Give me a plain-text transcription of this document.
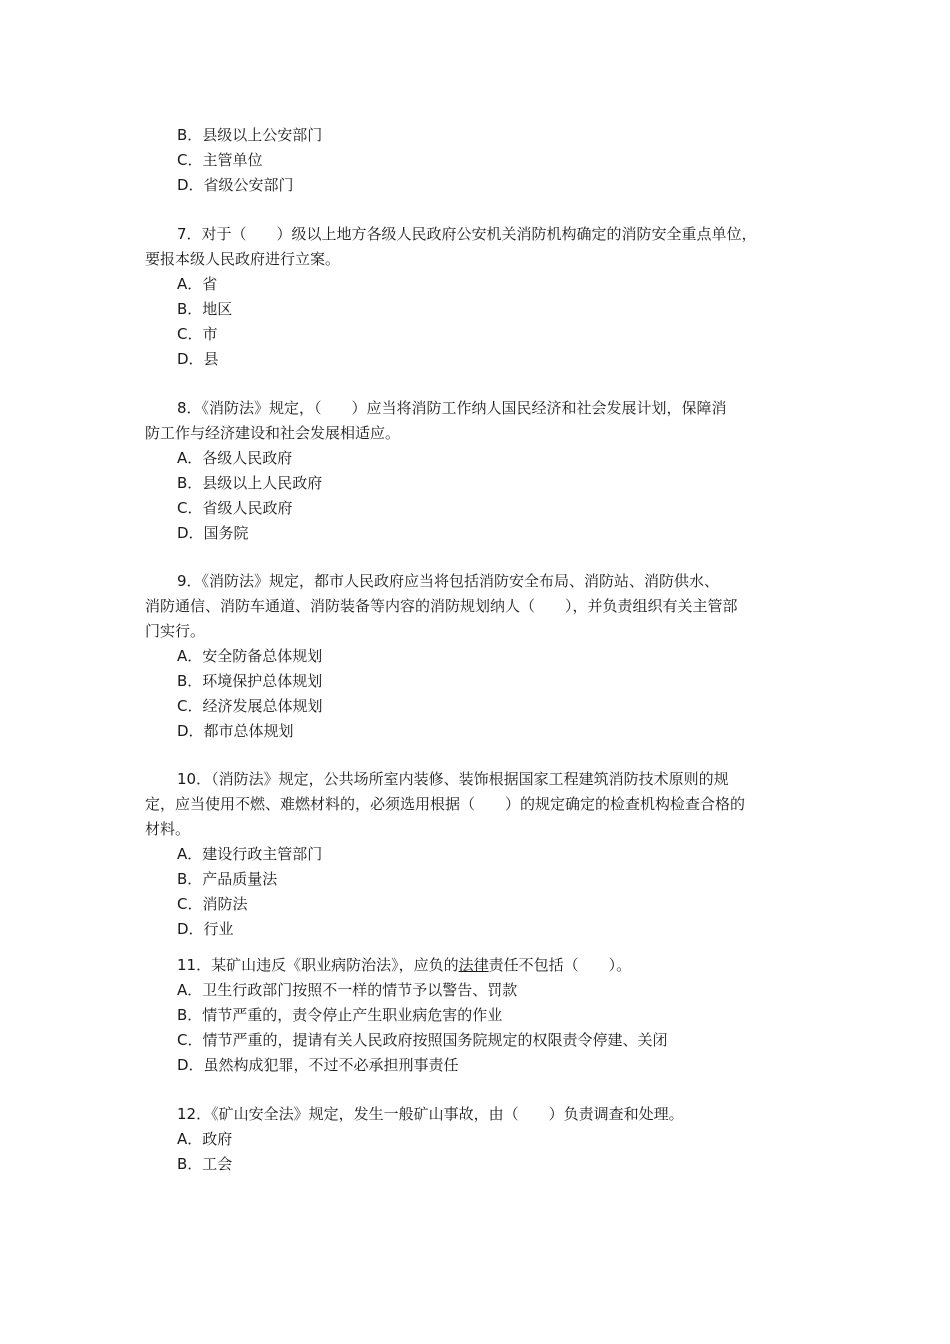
B．县级以上公安部门
C．主管单位
D．省级公安部门
7．对于（　　）级以上地方各级人民政府公安机关消防机构确定的消防安全重点单位，
要报本级人民政府进行立案。
A．省
B．地区
C．市
D．县
8．《消防法》规定，（　　）应当将消防工作纳人国民经济和社会发展计划，保障消
防工作与经济建设和社会发展相适应。
A．各级人民政府
B．县级以上人民政府
C．省级人民政府
D．国务院
9．《消防法》规定，都市人民政府应当将包括消防安全布局、消防站、消防供水、
消防通信、消防车通道、消防装备等内容的消防规划纳人（　　），并负责组织有关主管部
门实行。
A．安全防备总体规划
B．环境保护总体规划
C．经济发展总体规划
D．都市总体规划
10．（消防法》规定，公共场所室内装修、装饰根据国家工程建筑消防技术原则的规
定，应当使用不燃、难燃材料的，必须选用根据（　　）的规定确定的检查机构检查合格的
材料。
A．建设行政主管部门
B．产品质量法
C．消防法
D．行业
11．某矿山违反《职业病防治法》，应负的法律责任不包括（　　）。
A．卫生行政部门按照不一样的情节予以警告、罚款
B．情节严重的，责令停止产生职业病危害的作业
C．情节严重的，提请有关人民政府按照国务院规定的权限责令停建、关闭
D．虽然构成犯罪，不过不必承担刑事责任
12．《矿山安全法》规定，发生一般矿山事故，由（　　）负责调查和处理。
A．政府
B．工会
